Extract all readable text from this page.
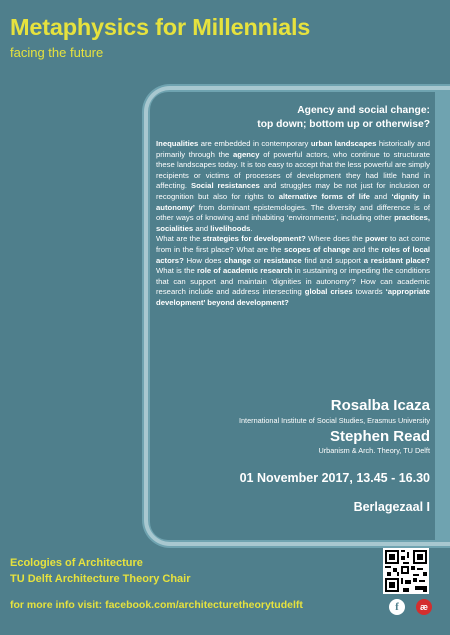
Metaphysics for Millennials
facing the future
Agency and social change:
top down; bottom up or otherwise?
Inequalities are embedded in contemporary urban landscapes historically and primarily through the agency of powerful actors, who continue to structurate these landscapes today. It is too easy to accept that the less powerful are simply recipients or victims of processes of development they had little hand in affecting. Social resistances and struggles may be not just for inclusion or recognition but also for rights to alternative forms of life and ‘dignity in autonomy’ from dominant epistemologies. The diversity and difference is of other ways of knowing and inhabiting ‘environments’, including other practices, socialities and livelihoods.
What are the strategies for development? Where does the power to act come from in the first place? What are the scopes of change and the roles of local actors? How does change or resistance find and support a resistant place? What is the role of academic research in sustaining or impeding the conditions that can support and maintain ‘dignities in autonomy’? How can academic research include and address intersecting global crises towards ‘appropriate development’ beyond development?
Rosalba Icaza
International Institute of Social Studies, Erasmus University
Stephen Read
Urbanism & Arch. Theory, TU Delft
01 November 2017, 13.45 - 16.30
Berlagezaal I
Ecologies of Architecture
TU Delft Architecture Theory Chair
for more info visit: facebook.com/architecturetheorytudelft	f	æ
